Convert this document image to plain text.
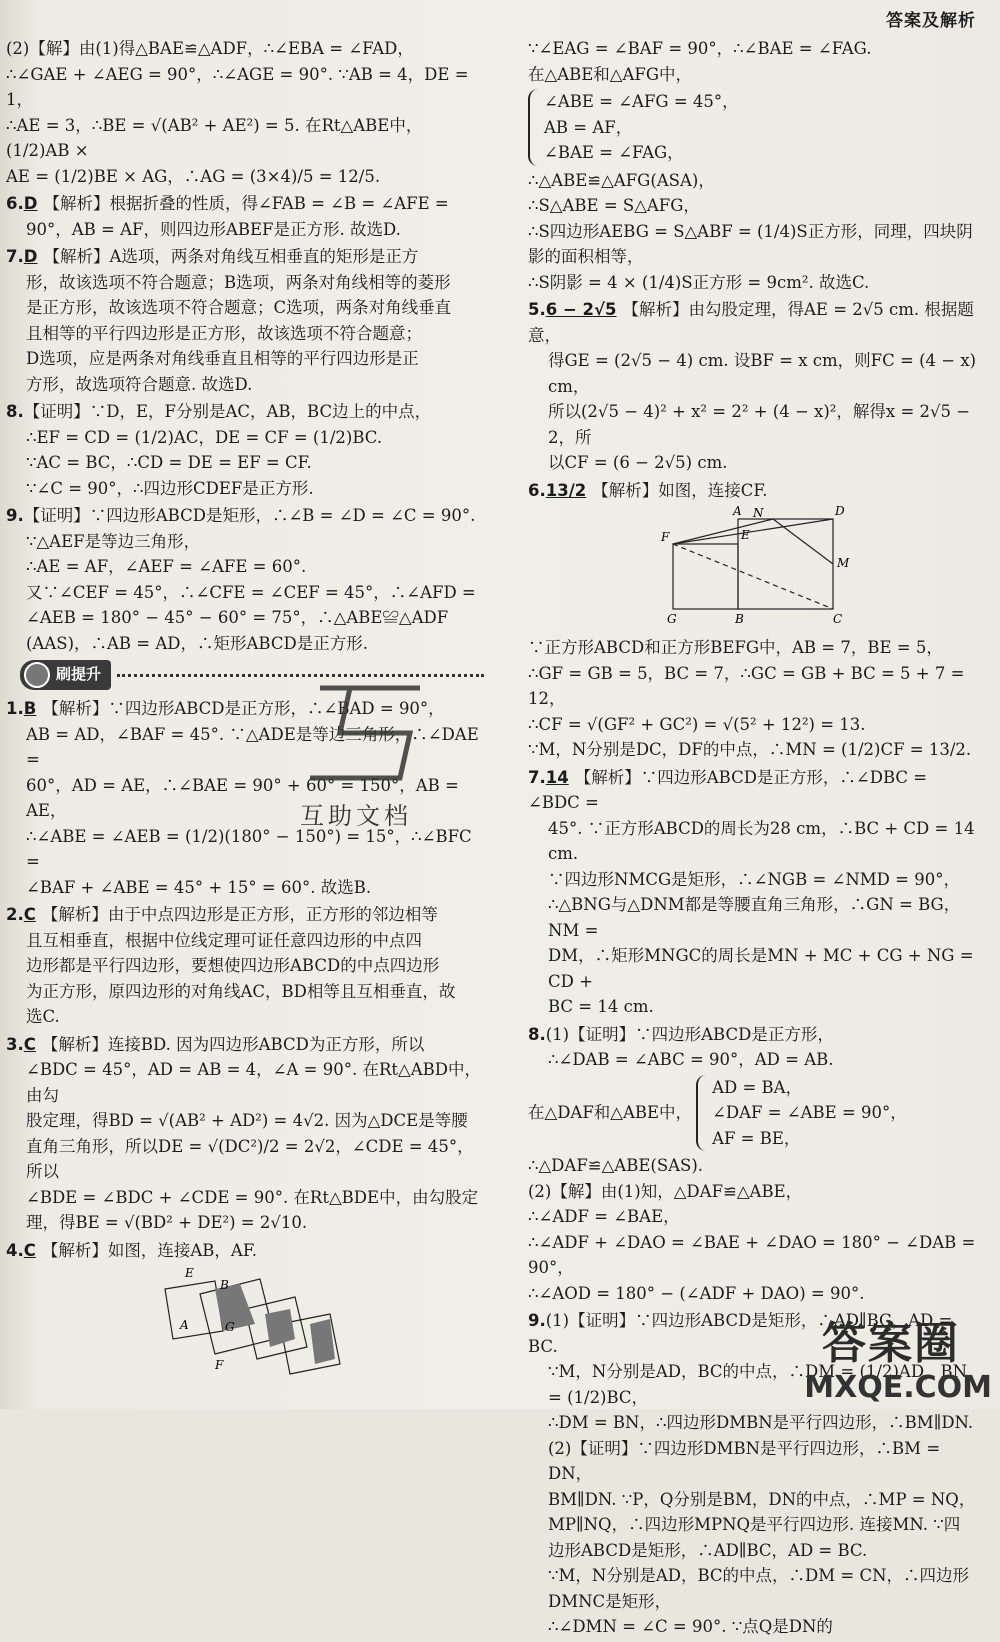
答案及解析

(2)【解】由(1)得△BAE≌△ADF，∴∠EBA = ∠FAD，

∴∠GAE + ∠AEG = 90°，∴∠AGE = 90°. ∵AB = 4，DE = 1，

∴AE = 3，∴BE = √(AB² + AE²) = 5. 在Rt△ABE中，(1/2)AB ×

AE = (1/2)BE × AG，∴AG = (3×4)/5 = 12/5.

6.D 【解析】根据折叠的性质，得∠FAB = ∠B = ∠AFE =

90°，AB = AF，则四边形ABEF是正方形. 故选D.

7.D 【解析】A选项，两条对角线互相垂直的矩形是正方

形，故该选项不符合题意；B选项，两条对角线相等的菱形

是正方形，故该选项不符合题意；C选项，两条对角线垂直

且相等的平行四边形是正方形，故该选项不符合题意；

D选项，应是两条对角线垂直且相等的平行四边形是正

方形，故选项符合题意. 故选D.

8.【证明】∵D，E，F分别是AC，AB，BC边上的中点，

∴EF = CD = (1/2)AC，DE = CF = (1/2)BC.

∵AC = BC，∴CD = DE = EF = CF.

∵∠C = 90°，∴四边形CDEF是正方形.

9.【证明】∵四边形ABCD是矩形，∴∠B = ∠D = ∠C = 90°.

∵△AEF是等边三角形，

∴AE = AF，∠AEF = ∠AFE = 60°.

又∵∠CEF = 45°，∴∠CFE = ∠CEF = 45°，∴∠AFD =

∠AEB = 180° − 45° − 60° = 75°，∴△ABE≌△ADF

(AAS)，∴AB = AD，∴矩形ABCD是正方形.

刷提升

1.B 【解析】∵四边形ABCD是正方形，∴∠BAD = 90°，

AB = AD，∠BAF = 45°. ∵△ADE是等边三角形，∴∠DAE =

60°，AD = AE，∴∠BAE = 90° + 60° = 150°，AB = AE，

∴∠ABE = ∠AEB = (1/2)(180° − 150°) = 15°，∴∠BFC =

∠BAF + ∠ABE = 45° + 15° = 60°. 故选B.

2.C 【解析】由于中点四边形是正方形，正方形的邻边相等

且互相垂直，根据中位线定理可证任意四边形的中点四

边形都是平行四边形，要想使四边形ABCD的中点四边形

为正方形，原四边形的对角线AC，BD相等且互相垂直，故

选C.

3.C 【解析】连接BD. 因为四边形ABCD为正方形，所以

∠BDC = 45°，AD = AB = 4，∠A = 90°. 在Rt△ABD中，由勾

股定理，得BD = √(AB² + AD²) = 4√2. 因为△DCE是等腰

直角三角形，所以DE = √(DC²)/2 = 2√2，∠CDE = 45°，所以

∠BDE = ∠BDC + ∠CDE = 90°. 在Rt△BDE中，由勾股定

理，得BE = √(BD² + DE²) = 2√10.

4.C 【解析】如图，连接AB，AF.

E
B
A	G
F

∵∠EAG = ∠BAF = 90°，∴∠BAE = ∠FAG.

在△ABE和△AFG中，

∠ABE = ∠AFG = 45°，

AB = AF，

∠BAE = ∠FAG，

∴△ABE≌△AFG(ASA)，

∴S△ABE = S△AFG，

∴S四边形AEBG = S△ABF = (1/4)S正方形，同理，四块阴影的面积相等，

∴S阴影 = 4 × (1/4)S正方形 = 9cm². 故选C.

5.6 − 2√5 【解析】由勾股定理，得AE = 2√5 cm. 根据题意，

得GE = (2√5 − 4) cm. 设BF = x cm，则FC = (4 − x) cm，

所以(2√5 − 4)² + x² = 2² + (4 − x)²，解得x = 2√5 − 2，所

以CF = (6 − 2√5) cm.

6.13/2 【解析】如图，连接CF.

A N	D
F	E
M
G	B	C

∵正方形ABCD和正方形BEFG中，AB = 7，BE = 5，

∴GF = GB = 5，BC = 7，∴GC = GB + BC = 5 + 7 = 12，

∴CF = √(GF² + GC²) = √(5² + 12²) = 13.

∵M，N分别是DC，DF的中点，∴MN = (1/2)CF = 13/2.

7.14 【解析】∵四边形ABCD是正方形，∴∠DBC = ∠BDC =

45°. ∵正方形ABCD的周长为28 cm，∴BC + CD = 14 cm.

∵四边形NMCG是矩形，∴∠NGB = ∠NMD = 90°，

∴△BNG与△DNM都是等腰直角三角形，∴GN = BG，NM =

DM，∴矩形MNGC的周长是MN + MC + CG + NG = CD +

BC = 14 cm.

8.(1)【证明】∵四边形ABCD是正方形，

∴∠DAB = ∠ABC = 90°，AD = AB.

在△DAF和△ABE中，

AD = BA，

∠DAF = ∠ABE = 90°，

AF = BE，

∴△DAF≌△ABE(SAS).

(2)【解】由(1)知，△DAF≌△ABE，

∴∠ADF = ∠BAE，

∴∠ADF + ∠DAO = ∠BAE + ∠DAO = 180° − ∠DAB = 90°，

∴∠AOD = 180° − (∠ADF + DAO) = 90°.

9.(1)【证明】∵四边形ABCD是矩形，∴AD∥BC，AD = BC.

∵M，N分别是AD，BC的中点，∴DM = (1/2)AD，BN = (1/2)BC，

∴DM = BN，∴四边形DMBN是平行四边形，∴BM∥DN.

(2)【证明】∵四边形DMBN是平行四边形，∴BM = DN，

BM∥DN. ∵P，Q分别是BM，DN的中点，∴MP = NQ，

MP∥NQ，∴四边形MPNQ是平行四边形. 连接MN. ∵四

边形ABCD是矩形，∴AD∥BC，AD = BC.

∵M，N分别是AD，BC的中点，∴DM = CN，∴四边形

DMNC是矩形，

∴∠DMN = ∠C = 90°. ∵点Q是DN的

互助文档
答案圈
MXQE.COM
